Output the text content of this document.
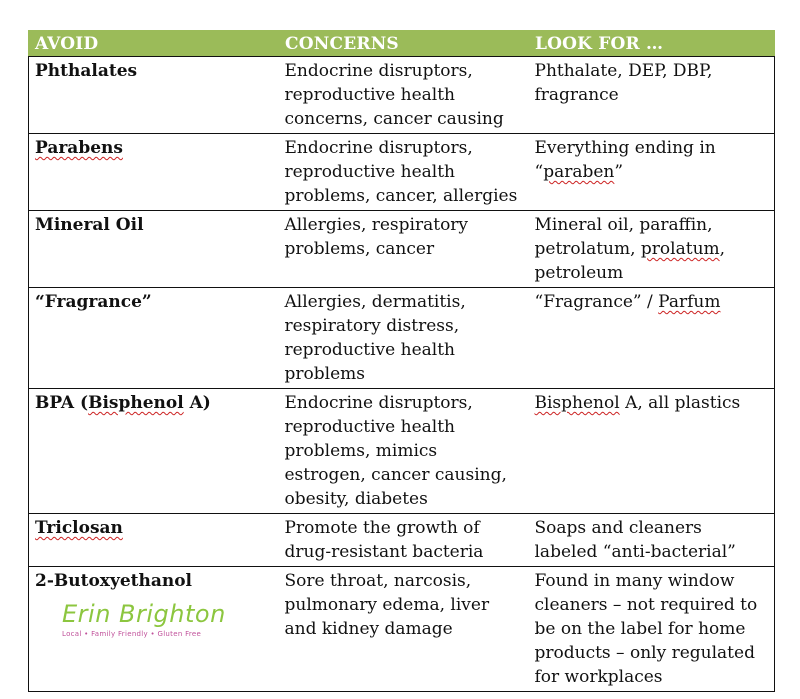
AVOID	CONCERNS	LOOK FOR …
Phthalates	Endocrine disruptors, reproductive health concerns, cancer causing	Phthalate, DEP, DBP, fragrance
Parabens	Endocrine disruptors, reproductive health problems, cancer, allergies	Everything ending in “paraben”
Mineral Oil	Allergies, respiratory problems, cancer	Mineral oil, paraffin, petrolatum, prolatum, petroleum
“Fragrance”	Allergies, dermatitis, respiratory distress, reproductive health problems	“Fragrance” / Parfum
BPA (Bisphenol A)	Endocrine disruptors, reproductive health problems, mimics estrogen, cancer causing, obesity, diabetes	Bisphenol A, all plastics
Triclosan	Promote the growth of drug-resistant bacteria	Soaps and cleaners labeled “anti-bacterial”
2-Butoxyethanol	Sore throat, narcosis, pulmonary edema, liver and kidney damage	Found in many window cleaners – not required to be on the label for home products – only regulated for workplaces
Erin Brighton
Local • Family Friendly • Gluten Free
